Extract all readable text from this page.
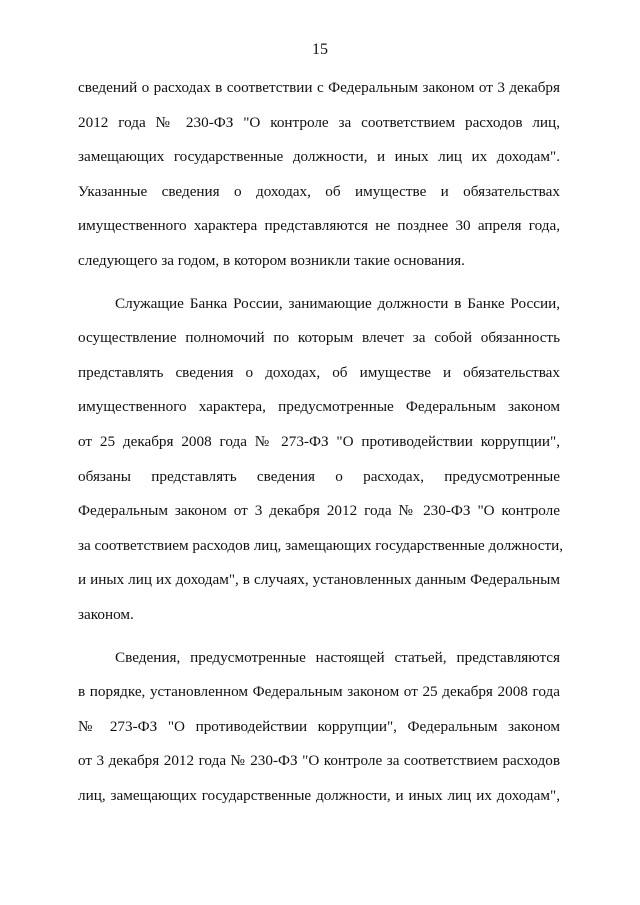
15
сведений о расходах в соответствии с Федеральным законом от 3 декабря
2012 года № 230-ФЗ "О контроле за соответствием расходов лиц,
замещающих государственные должности, и иных лиц их доходам".
Указанные сведения о доходах, об имуществе и обязательствах
имущественного характера представляются не позднее 30 апреля года,
следующего за годом, в котором возникли такие основания.
Служащие Банка России, занимающие должности в Банке России,
осуществление полномочий по которым влечет за собой обязанность
представлять сведения о доходах, об имуществе и обязательствах
имущественного характера, предусмотренные Федеральным законом
от 25 декабря 2008 года № 273-ФЗ "О противодействии коррупции",
обязаны представлять сведения о расходах, предусмотренные
Федеральным законом от 3 декабря 2012 года № 230-ФЗ "О контроле
за соответствием расходов лиц, замещающих государственные должности,
и иных лиц их доходам", в случаях, установленных данным Федеральным
законом.
Сведения, предусмотренные настоящей статьей, представляются
в порядке, установленном Федеральным законом от 25 декабря 2008 года
№ 273-ФЗ "О противодействии коррупции", Федеральным законом
от 3 декабря 2012 года № 230-ФЗ "О контроле за соответствием расходов
лиц, замещающих государственные должности, и иных лиц их доходам",
